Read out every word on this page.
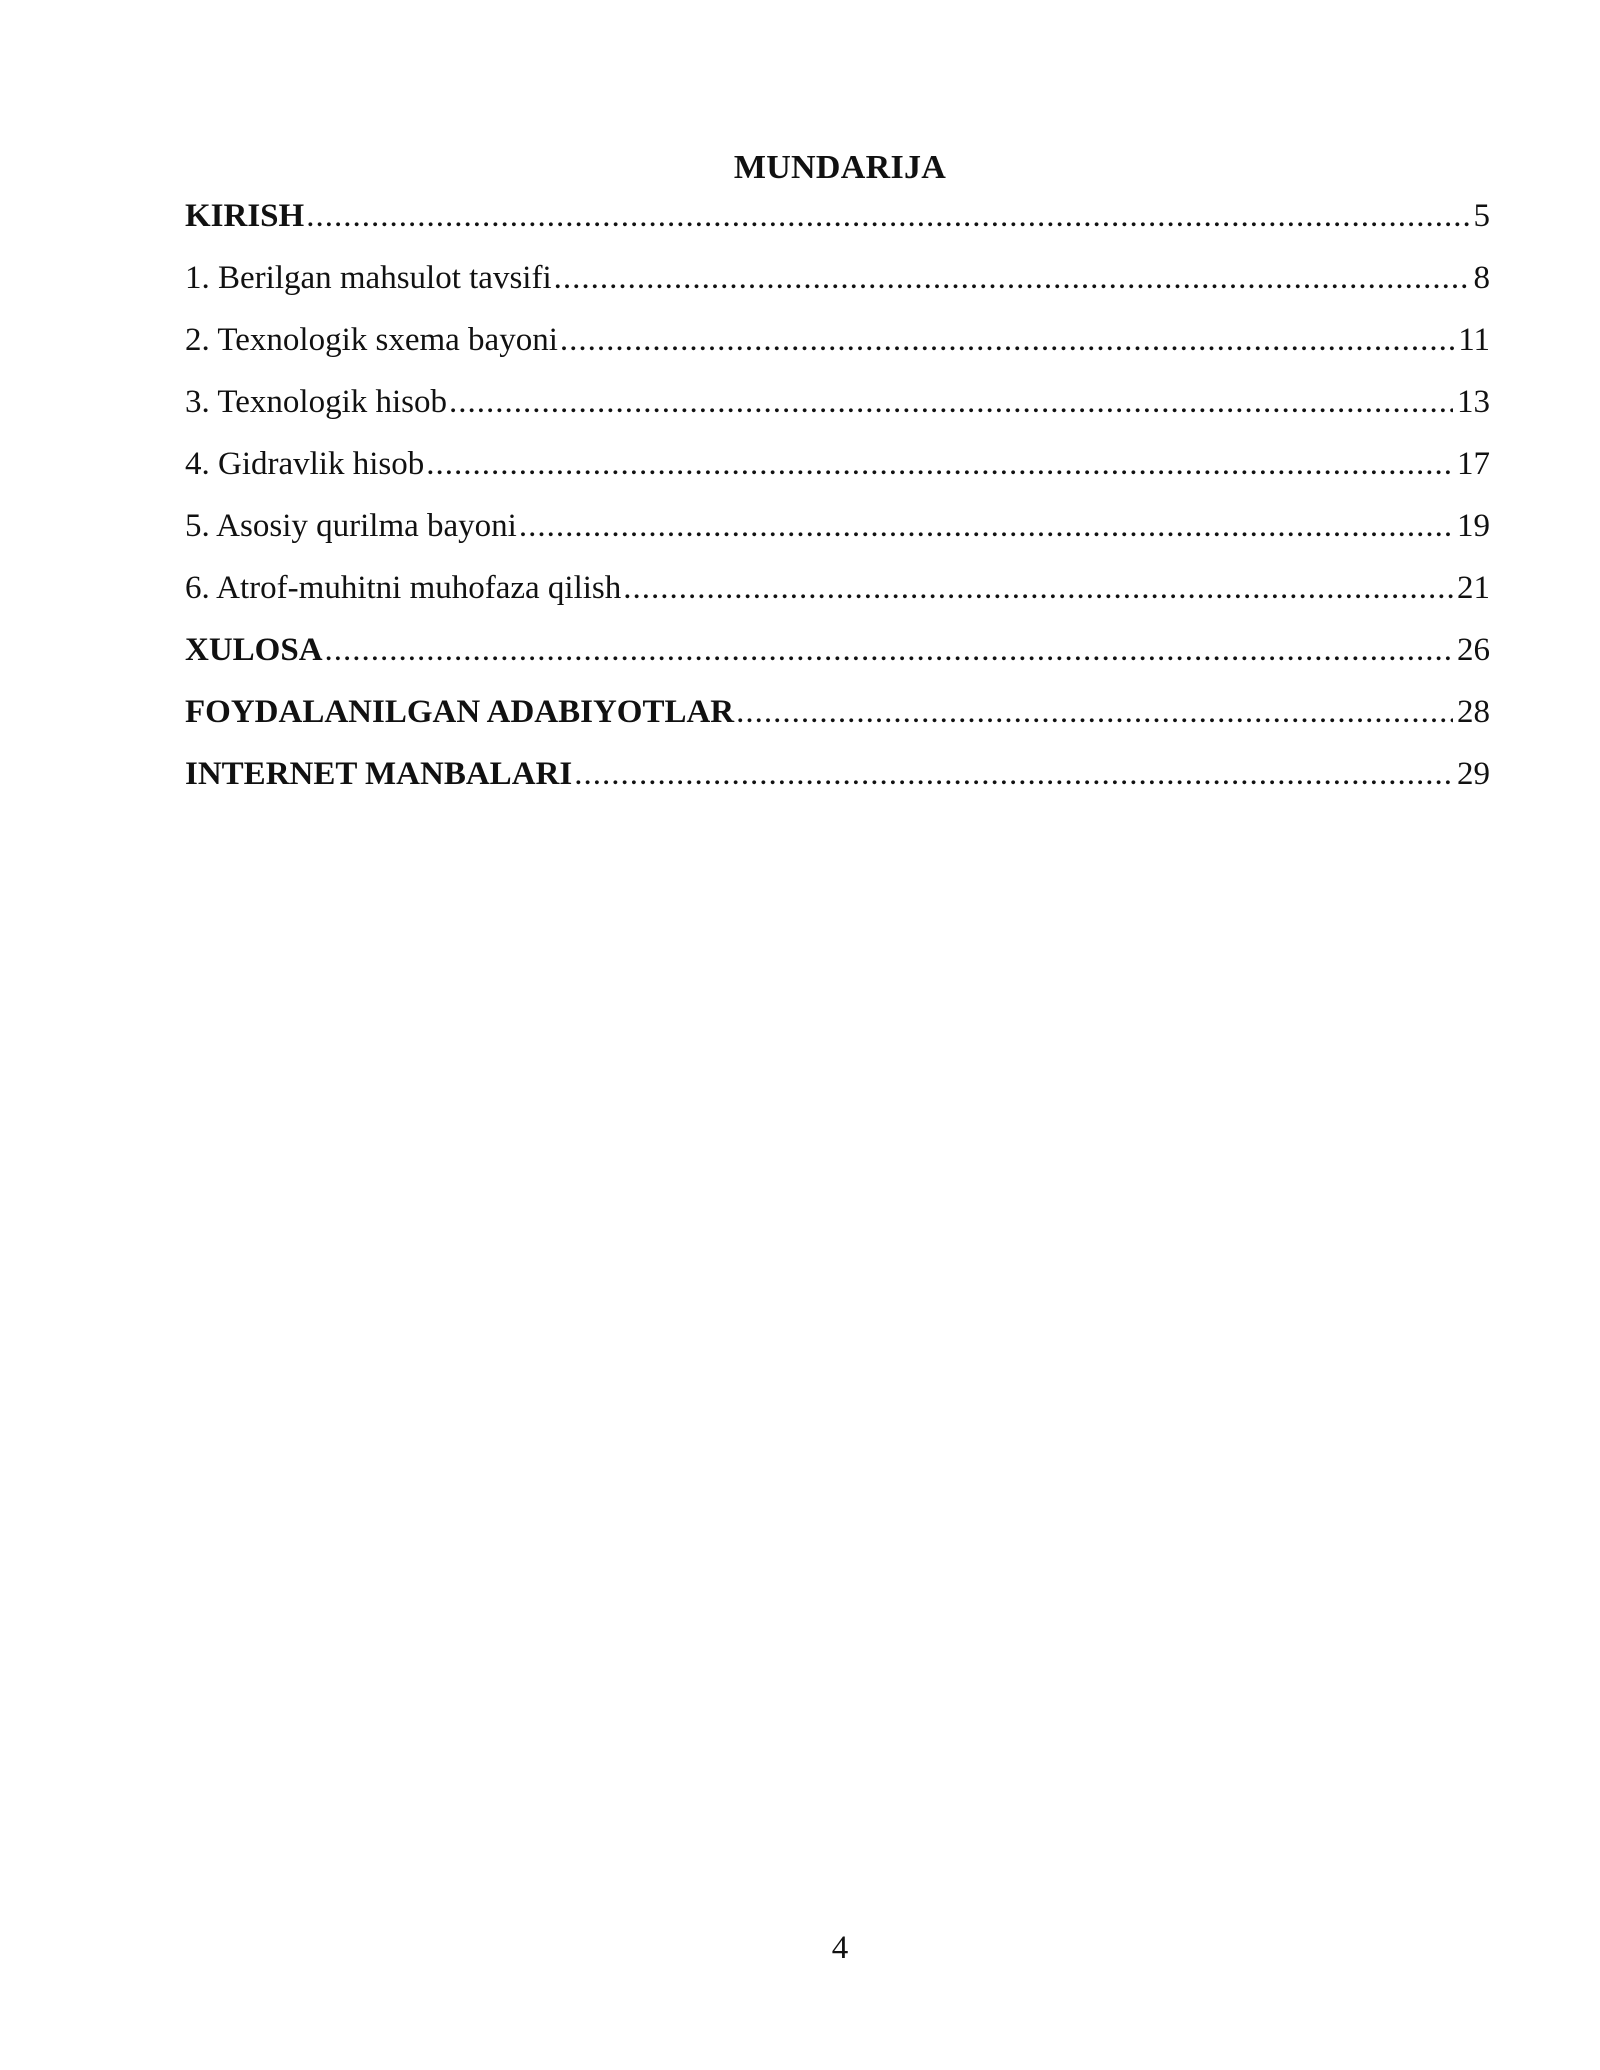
MUNDARIJA
KIRISH .....	5
1. Berilgan mahsulot tavsifi .....	8
2. Texnologik sxema bayoni .....	11
3. Texnologik hisob .....	13
4. Gidravlik hisob .....	17
5. Asosiy qurilma bayoni .....	19
6. Atrof-muhitni muhofaza qilish .....	21
XULOSA .....	26
FOYDALANILGAN ADABIYOTLAR .....	28
INTERNET MANBALARI .....	29
4
